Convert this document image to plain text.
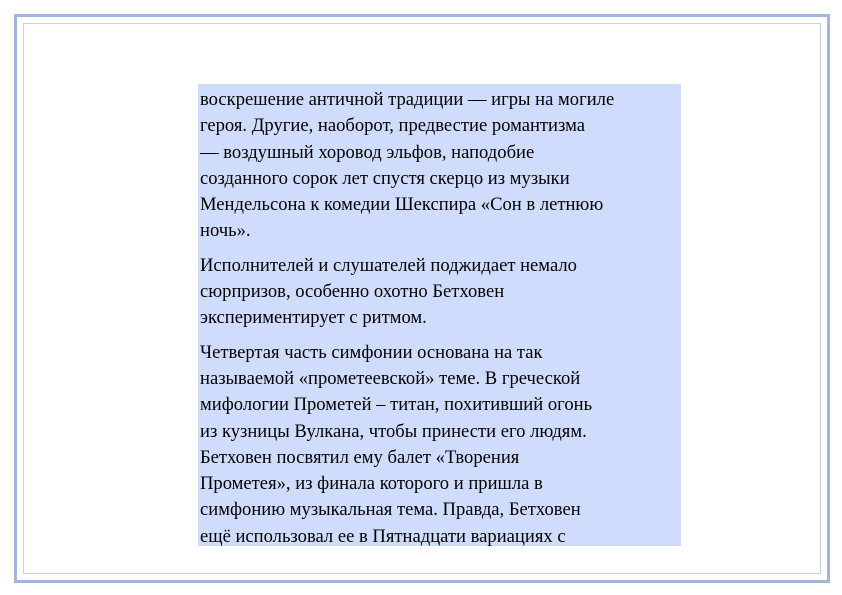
воскрешение античной традиции — игры на могиле
героя. Другие, наоборот, предвестие романтизма
— воздушный хоровод эльфов, наподобие
созданного сорок лет спустя скерцо из музыки
Мендельсона к комедии Шекспира «Сон в летнюю
ночь».

Исполнителей и слушателей поджидает немало
сюрпризов, особенно охотно Бетховен
экспериментирует с ритмом.

Четвертая часть симфонии основана на так
называемой «прометеевской» теме. В греческой
мифологии Прометей – титан, похитивший огонь
из кузницы Вулкана, чтобы принести его людям.
Бетховен посвятил ему балет «Творения
Прометея», из финала которого и пришла в
симфонию музыкальная тема. Правда, Бетховен
ещё использовал ее в Пятнадцати вариациях с
